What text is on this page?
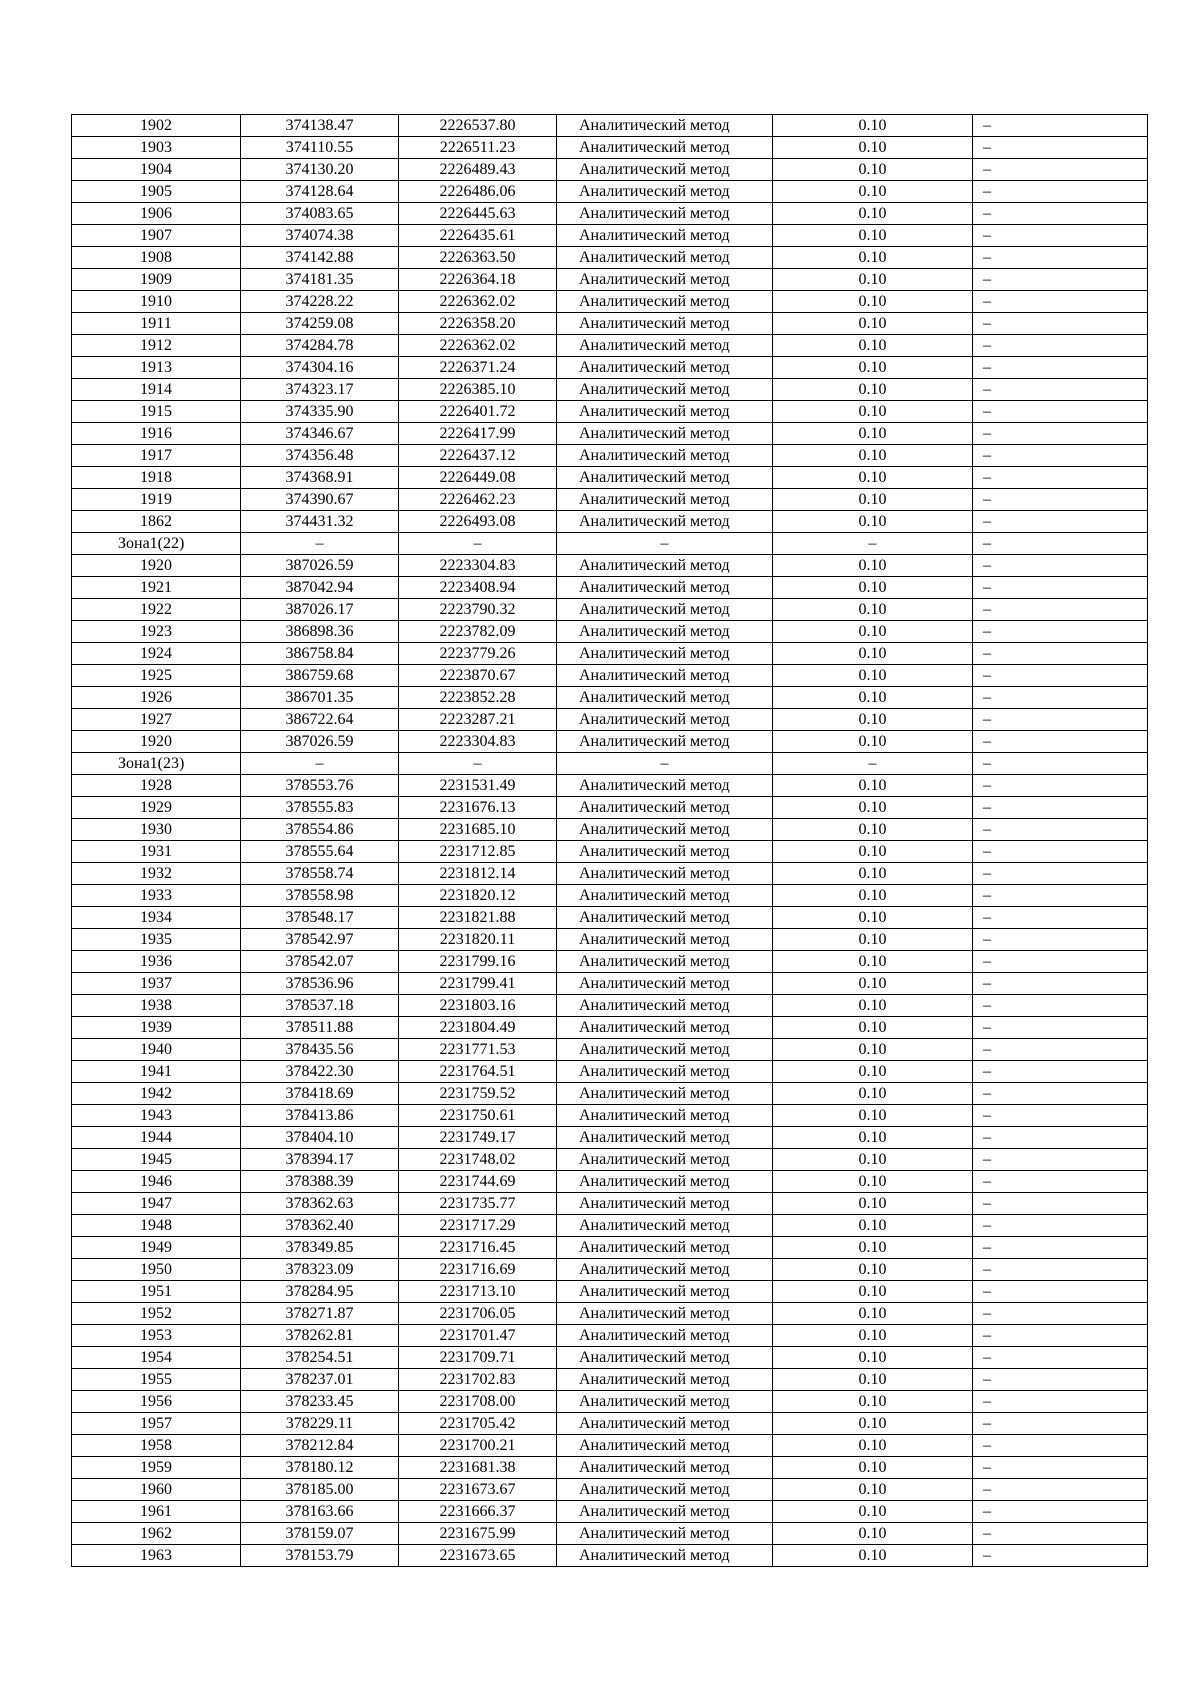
1902	374138.47	2226537.80	Аналитический метод	0.10	–
1903	374110.55	2226511.23	Аналитический метод	0.10	–
1904	374130.20	2226489.43	Аналитический метод	0.10	–
1905	374128.64	2226486.06	Аналитический метод	0.10	–
1906	374083.65	2226445.63	Аналитический метод	0.10	–
1907	374074.38	2226435.61	Аналитический метод	0.10	–
1908	374142.88	2226363.50	Аналитический метод	0.10	–
1909	374181.35	2226364.18	Аналитический метод	0.10	–
1910	374228.22	2226362.02	Аналитический метод	0.10	–
1911	374259.08	2226358.20	Аналитический метод	0.10	–
1912	374284.78	2226362.02	Аналитический метод	0.10	–
1913	374304.16	2226371.24	Аналитический метод	0.10	–
1914	374323.17	2226385.10	Аналитический метод	0.10	–
1915	374335.90	2226401.72	Аналитический метод	0.10	–
1916	374346.67	2226417.99	Аналитический метод	0.10	–
1917	374356.48	2226437.12	Аналитический метод	0.10	–
1918	374368.91	2226449.08	Аналитический метод	0.10	–
1919	374390.67	2226462.23	Аналитический метод	0.10	–
1862	374431.32	2226493.08	Аналитический метод	0.10	–
Зона1(22)	–	–	–	–	–
1920	387026.59	2223304.83	Аналитический метод	0.10	–
1921	387042.94	2223408.94	Аналитический метод	0.10	–
1922	387026.17	2223790.32	Аналитический метод	0.10	–
1923	386898.36	2223782.09	Аналитический метод	0.10	–
1924	386758.84	2223779.26	Аналитический метод	0.10	–
1925	386759.68	2223870.67	Аналитический метод	0.10	–
1926	386701.35	2223852.28	Аналитический метод	0.10	–
1927	386722.64	2223287.21	Аналитический метод	0.10	–
1920	387026.59	2223304.83	Аналитический метод	0.10	–
Зона1(23)	–	–	–	–	–
1928	378553.76	2231531.49	Аналитический метод	0.10	–
1929	378555.83	2231676.13	Аналитический метод	0.10	–
1930	378554.86	2231685.10	Аналитический метод	0.10	–
1931	378555.64	2231712.85	Аналитический метод	0.10	–
1932	378558.74	2231812.14	Аналитический метод	0.10	–
1933	378558.98	2231820.12	Аналитический метод	0.10	–
1934	378548.17	2231821.88	Аналитический метод	0.10	–
1935	378542.97	2231820.11	Аналитический метод	0.10	–
1936	378542.07	2231799.16	Аналитический метод	0.10	–
1937	378536.96	2231799.41	Аналитический метод	0.10	–
1938	378537.18	2231803.16	Аналитический метод	0.10	–
1939	378511.88	2231804.49	Аналитический метод	0.10	–
1940	378435.56	2231771.53	Аналитический метод	0.10	–
1941	378422.30	2231764.51	Аналитический метод	0.10	–
1942	378418.69	2231759.52	Аналитический метод	0.10	–
1943	378413.86	2231750.61	Аналитический метод	0.10	–
1944	378404.10	2231749.17	Аналитический метод	0.10	–
1945	378394.17	2231748.02	Аналитический метод	0.10	–
1946	378388.39	2231744.69	Аналитический метод	0.10	–
1947	378362.63	2231735.77	Аналитический метод	0.10	–
1948	378362.40	2231717.29	Аналитический метод	0.10	–
1949	378349.85	2231716.45	Аналитический метод	0.10	–
1950	378323.09	2231716.69	Аналитический метод	0.10	–
1951	378284.95	2231713.10	Аналитический метод	0.10	–
1952	378271.87	2231706.05	Аналитический метод	0.10	–
1953	378262.81	2231701.47	Аналитический метод	0.10	–
1954	378254.51	2231709.71	Аналитический метод	0.10	–
1955	378237.01	2231702.83	Аналитический метод	0.10	–
1956	378233.45	2231708.00	Аналитический метод	0.10	–
1957	378229.11	2231705.42	Аналитический метод	0.10	–
1958	378212.84	2231700.21	Аналитический метод	0.10	–
1959	378180.12	2231681.38	Аналитический метод	0.10	–
1960	378185.00	2231673.67	Аналитический метод	0.10	–
1961	378163.66	2231666.37	Аналитический метод	0.10	–
1962	378159.07	2231675.99	Аналитический метод	0.10	–
1963	378153.79	2231673.65	Аналитический метод	0.10	–
